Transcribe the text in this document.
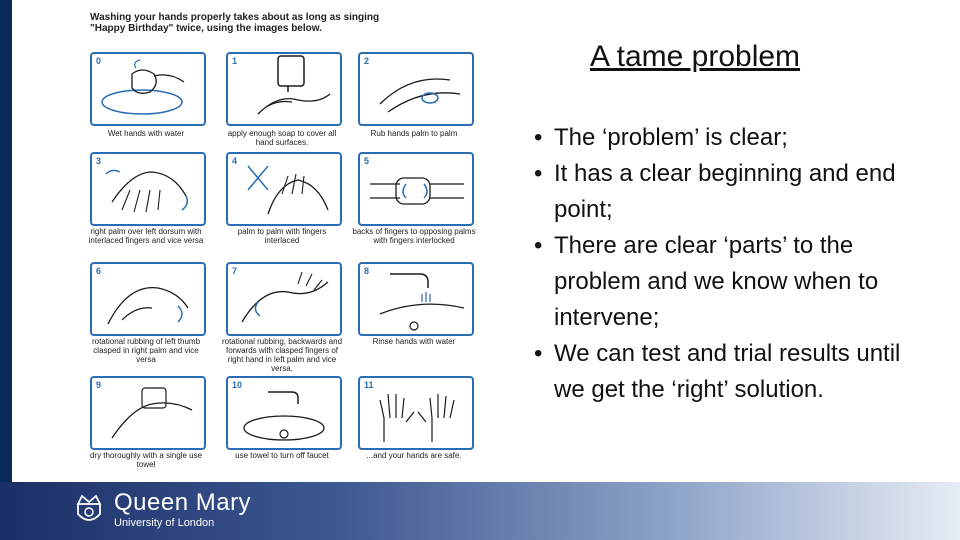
Washing your hands properly takes about as long as singing "Happy Birthday" twice, using the images below.
0
Wet hands with water
1
apply enough soap to cover all hand surfaces.
2
Rub hands palm to palm
3
right palm over left dorsum with interlaced fingers and vice versa
4
palm to palm with fingers interlaced
5
backs of fingers to opposing palms with fingers interlocked
6
rotational rubbing of left thumb clasped in right palm and vice versa
7
rotational rubbing, backwards and forwards with clasped fingers of right hand in left palm and vice versa.
8
Rinse hands with water
9
dry thoroughly with a single use towel
10
use towel to turn off faucet
11
...and your hands are safe.
A tame problem
• The ‘problem’ is clear;
• It has a clear beginning and end point;
• There are clear ‘parts’ to the problem and we know when to intervene;
• We can test and trial results until we get the ‘right’ solution.
Queen Mary
University of London
